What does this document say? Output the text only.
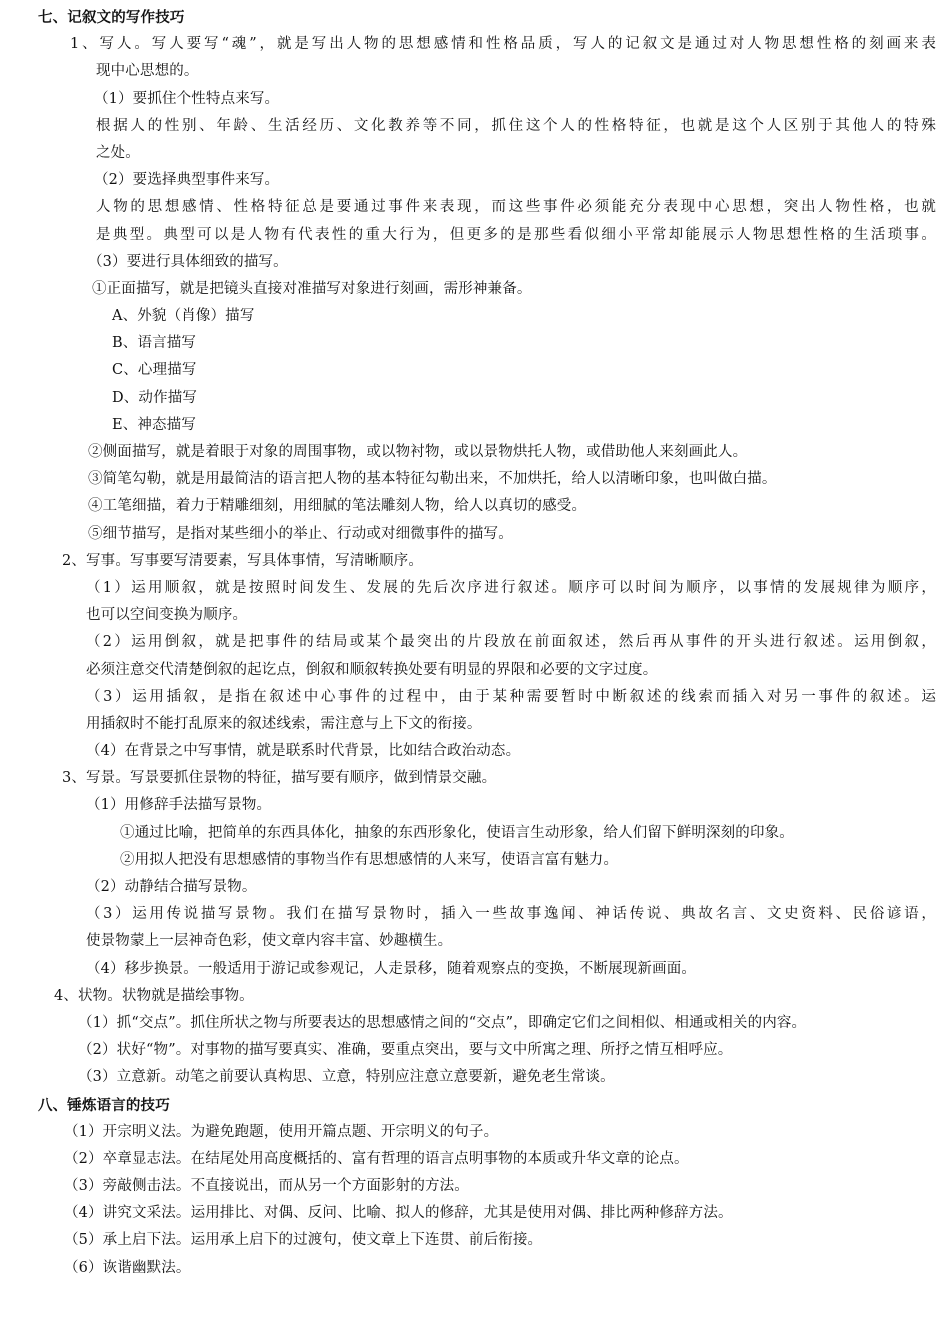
七、记叙文的写作技巧
1、写人。写人要写“魂”，就是写出人物的思想感情和性格品质，写人的记叙文是通过对人物思想性格的刻画来表
现中心思想的。
（1）要抓住个性特点来写。
根据人的性别、年龄、生活经历、文化教养等不同，抓住这个人的性格特征，也就是这个人区别于其他人的特殊
之处。
（2）要选择典型事件来写。
人物的思想感情、性格特征总是要通过事件来表现，而这些事件必须能充分表现中心思想，突出人物性格，也就
是典型。典型可以是人物有代表性的重大行为，但更多的是那些看似细小平常却能展示人物思想性格的生活琐事。
（3）要进行具体细致的描写。
①正面描写，就是把镜头直接对准描写对象进行刻画，需形神兼备。
A、外貌（肖像）描写
B、语言描写
C、心理描写
D、动作描写
E、神态描写
②侧面描写，就是着眼于对象的周围事物，或以物衬物，或以景物烘托人物，或借助他人来刻画此人。
③简笔勾勒，就是用最简洁的语言把人物的基本特征勾勒出来，不加烘托，给人以清晰印象，也叫做白描。
④工笔细描，着力于精雕细刻，用细腻的笔法雕刻人物，给人以真切的感受。
⑤细节描写，是指对某些细小的举止、行动或对细微事件的描写。
2、写事。写事要写清要素，写具体事情，写清晰顺序。
（1）运用顺叙，就是按照时间发生、发展的先后次序进行叙述。顺序可以时间为顺序，以事情的发展规律为顺序，
也可以空间变换为顺序。
（2）运用倒叙，就是把事件的结局或某个最突出的片段放在前面叙述，然后再从事件的开头进行叙述。运用倒叙，
必须注意交代清楚倒叙的起讫点，倒叙和顺叙转换处要有明显的界限和必要的文字过度。
（3）运用插叙，是指在叙述中心事件的过程中，由于某种需要暂时中断叙述的线索而插入对另一事件的叙述。运
用插叙时不能打乱原来的叙述线索，需注意与上下文的衔接。
（4）在背景之中写事情，就是联系时代背景，比如结合政治动态。
3、写景。写景要抓住景物的特征，描写要有顺序，做到情景交融。
（1）用修辞手法描写景物。
①通过比喻，把简单的东西具体化，抽象的东西形象化，使语言生动形象，给人们留下鲜明深刻的印象。
②用拟人把没有思想感情的事物当作有思想感情的人来写，使语言富有魅力。
（2）动静结合描写景物。
（3）运用传说描写景物。我们在描写景物时，插入一些故事逸闻、神话传说、典故名言、文史资料、民俗谚语，
使景物蒙上一层神奇色彩，使文章内容丰富、妙趣横生。
（4）移步换景。一般适用于游记或参观记，人走景移，随着观察点的变换，不断展现新画面。
4、状物。状物就是描绘事物。
（1）抓“交点”。抓住所状之物与所要表达的思想感情之间的“交点”，即确定它们之间相似、相通或相关的内容。
（2）状好“物”。对事物的描写要真实、准确，要重点突出，要与文中所寓之理、所抒之情互相呼应。
（3）立意新。动笔之前要认真构思、立意，特别应注意立意要新，避免老生常谈。
八、锤炼语言的技巧
（1）开宗明义法。为避免跑题，使用开篇点题、开宗明义的句子。
（2）卒章显志法。在结尾处用高度概括的、富有哲理的语言点明事物的本质或升华文章的论点。
（3）旁敲侧击法。不直接说出，而从另一个方面影射的方法。
（4）讲究文采法。运用排比、对偶、反问、比喻、拟人的修辞，尤其是使用对偶、排比两种修辞方法。
（5）承上启下法。运用承上启下的过渡句，使文章上下连贯、前后衔接。
（6）诙谐幽默法。
